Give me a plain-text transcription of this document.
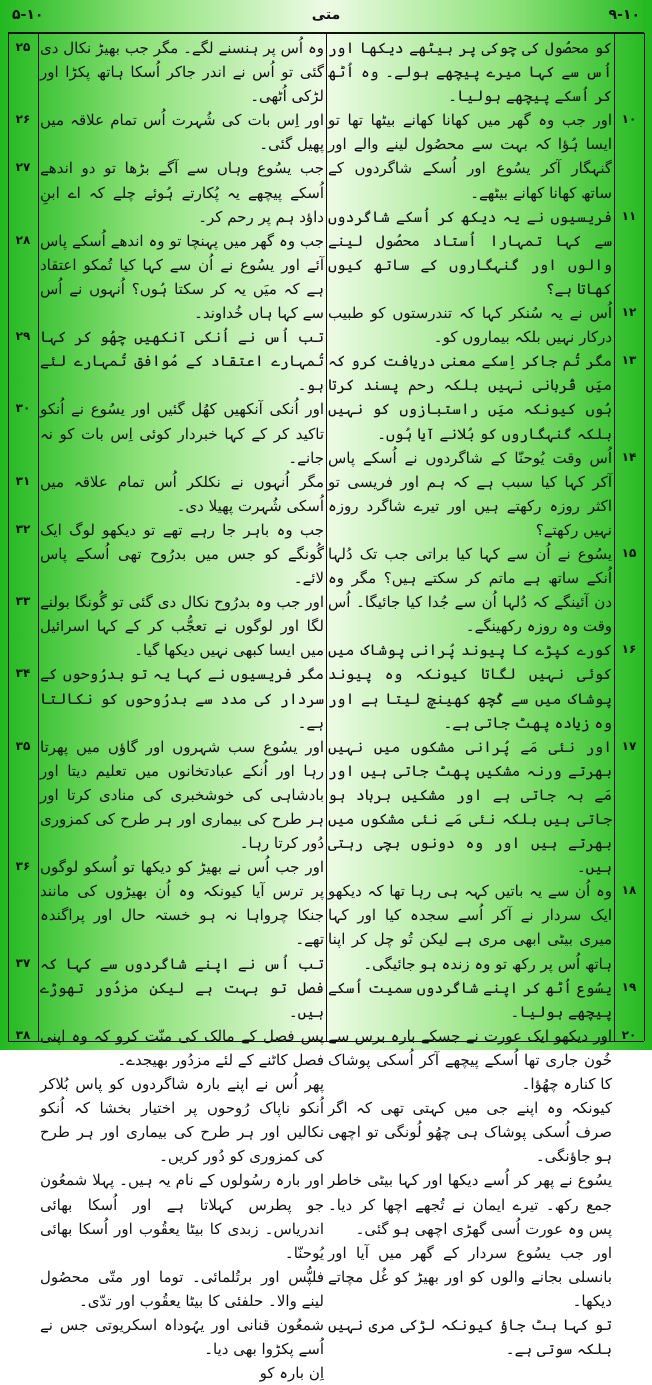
۵-۱۰	متی	۹-۱۰

کو محصُول کی چوکی پر بیٹھے دیکھا اور اُس سے کہا میرے پیچھے ہولے۔ وہ اُٹھ کر اُسکے پیچھے ہولیا۔

اور جب وہ گھر میں کھانا کھانے بیٹھا تھا تو ایسا ہُؤا کہ بہت سے محصُول لینے والے اور گنہگار آکر یسُوع اور اُسکے شاگردوں کے ساتھ کھانا کھانے بیٹھے۔

فریسیوں نے یہ دیکھ کر اُسکے شاگردوں سے کہا تمہارا اُستاد محصُول لینے والوں اور گنہگاروں کے ساتھ کیوں کھاتا ہے؟

اُس نے یہ سُنکر کہا کہ تندرستوں کو طبیب درکار نہیں بلکہ بیماروں کو۔

مگر تُم جاکر اِسکے معنی دریافت کرو کہ میَں قُربانی نہیں بلکہ رحم پسند کرتا ہُوں کیونکہ میَں راستبازوں کو نہیں بلکہ گنہگاروں کو بُلانے آیا ہُوں۔

اُس وقت یُوحنّا کے شاگردوں نے اُسکے پاس آکر کہا کیا سبب ہے کہ ہم اور فریسی تو اکثر روزہ رکھتے ہیں اور تیرے شاگرد روزہ نہیں رکھتے؟

یسُوع نے اُن سے کہا کیا براتی جب تک دُلہا اُنکے ساتھ ہے ماتم کر سکتے ہیں؟ مگر وہ دن آئینگے کہ دُلہا اُن سے جُدا کیا جائیگا۔ اُس وقت وہ روزہ رکھینگے۔

کورے کپڑے کا پیوند پُرانی پوشاک میں کوئی نہیں لگاتا کیونکہ وہ پیوند پوشاک میں سے کُچھ کھینچ لیتا ہے اور وہ زیادہ پھٹ جاتی ہے۔

اور نئی مَے پُرانی مشکوں میں نہیں بھرتے ورنہ مشکیں پھٹ جاتی ہیں اور مَے بہ جاتی ہے اور مشکیں برباد ہو جاتی ہیں بلکہ نئی مَے نئی مشکوں میں بھرتے ہیں اور وہ دونوں بچی رہتی ہیں۔

وہ اُن سے یہ باتیں کہہ ہی رہا تھا کہ دیکھو ایک سردار نے آکر اُسے سجدہ کیا اور کہا میری بیٹی ابھی مری ہے لیکن تُو چل کر اپنا ہاتھ اُس پر رکھ تو وہ زندہ ہو جائیگی۔

یسُوع اُٹھ کر اپنے شاگردوں سمیت اُسکے پیچھے ہولیا۔

اور دیکھو ایک عورت نے جسکے بارہ برس سے خُون جاری تھا اُسکے پیچھے آکر اُسکی پوشاک کا کنارہ چھُؤا۔

کیونکہ وہ اپنے جی میں کہتی تھی کہ اگر صرف اُسکی پوشاک ہی چھُو لُونگی تو اچھی ہو جاؤنگی۔

یسُوع نے پھر کر اُسے دیکھا اور کہا بیٹی خاطر جمع رکھ۔ تیرے ایمان نے تُجھے اچھا کر دیا۔ پس وہ عورت اُسی گھڑی اچھی ہو گئی۔

اور جب یسُوع سردار کے گھر میں آیا اور بانسلی بجانے والوں کو اور بھیڑ کو غُل مچاتے دیکھا۔

تو کہا ہٹ جاؤ کیونکہ لڑکی مری نہیں بلکہ سوتی ہے۔

۱۰
۱۱
۱۲
۱۳
۱۴
۱۵
۱۶
۱۷
۱۸
۱۹
۲۰

وہ اُس پر ہنسنے لگے۔ مگر جب بھیڑ نکال دی گئی تو اُس نے اندر جاکر اُسکا ہاتھ پکڑا اور لڑکی اُٹھی۔

اور اِس بات کی شُہرت اُس تمام علاقہ میں پھیل گئی۔

جب یسُوع وہاں سے آگے بڑھا تو دو اندھے اُسکے پیچھے یہ پُکارتے ہُوئے چلے کہ اے ابنِ داؤد ہم پر رحم کر۔

جب وہ گھر میں پہنچا تو وہ اندھے اُسکے پاس آئے اور یسُوع نے اُن سے کہا کیا تُمکو اعتقاد ہے کہ میَں یہ کر سکتا ہُوں؟ اُنہوں نے اُس سے کہا ہاں خُداوند۔

تب اُس نے اُنکی آنکھیں چھُو کر کہا تُمہارے اعتقاد کے مُوافق تُمہارے لئے ہو۔

اور اُنکی آنکھیں کھُل گئیں اور یسُوع نے اُنکو تاکید کر کے کہا خبردار کوئی اِس بات کو نہ جانے۔

مگر اُنہوں نے نکلکر اُس تمام علاقہ میں اُسکی شُہرت پھیلا دی۔

جب وہ باہر جا رہے تھے تو دیکھو لوگ ایک گُونگے کو جس میں بدرُوح تھی اُسکے پاس لائے۔

اور جب وہ بدرُوح نکال دی گئی تو گُونگا بولنے لگا اور لوگوں نے تعجُّب کر کے کہا اسرائیل میں ایسا کبھی نہیں دیکھا گیا۔

مگر فریسیوں نے کہا یہ تو بدرُوحوں کے سردار کی مدد سے بدرُوحوں کو نکالتا ہے۔

اور یسُوع سب شہروں اور گاؤں میں پھرتا رہا اور اُنکے عبادتخانوں میں تعلیم دیتا اور بادشاہی کی خوشخبری کی منادی کرتا اور ہر طرح کی بیماری اور ہر طرح کی کمزوری دُور کرتا رہا۔

اور جب اُس نے بھیڑ کو دیکھا تو اُسکو لوگوں پر ترس آیا کیونکہ وہ اُن بھیڑوں کی مانند جنکا چرواہا نہ ہو خستہ حال اور پراگندہ تھے۔

تب اُس نے اپنے شاگردوں سے کہا کہ فصل تو بہت ہے لیکن مزدُور تھوڑے ہیں۔

پس فصل کے مالک کی منّت کرو کہ وہ اپنی فصل کاٹنے کے لئے مزدُور بھیجدے۔

پھر اُس نے اپنے بارہ شاگردوں کو پاس بُلاکر اُنکو ناپاک رُوحوں پر اختیار بخشا کہ اُنکو نکالیں اور ہر طرح کی بیماری اور ہر طرح کی کمزوری کو دُور کریں۔

اور بارہ رسُولوں کے نام یہ ہیں۔ پہلا شمعُون جو پطرس کہلاتا ہے اور اُسکا بھائی اندریاس۔ زبدی کا بیٹا یعقُوب اور اُسکا بھائی یُوحنّا۔

فلپُّس اور برتُلمائی۔ توما اور متّی محصُول لینے والا۔ حلفئی کا بیٹا یعقُوب اور تدّی۔

شمعُون قنانی اور یہُوداہ اسکریوتی جس نے اُسے پکڑوا بھی دیا۔

اِن بارہ کو

۲۵
۲۶
۲۷
۲۸
۲۹
۳۰
۳۱
۳۲
۳۳
۳۴
۳۵
۳۶
۳۷
۳۸
